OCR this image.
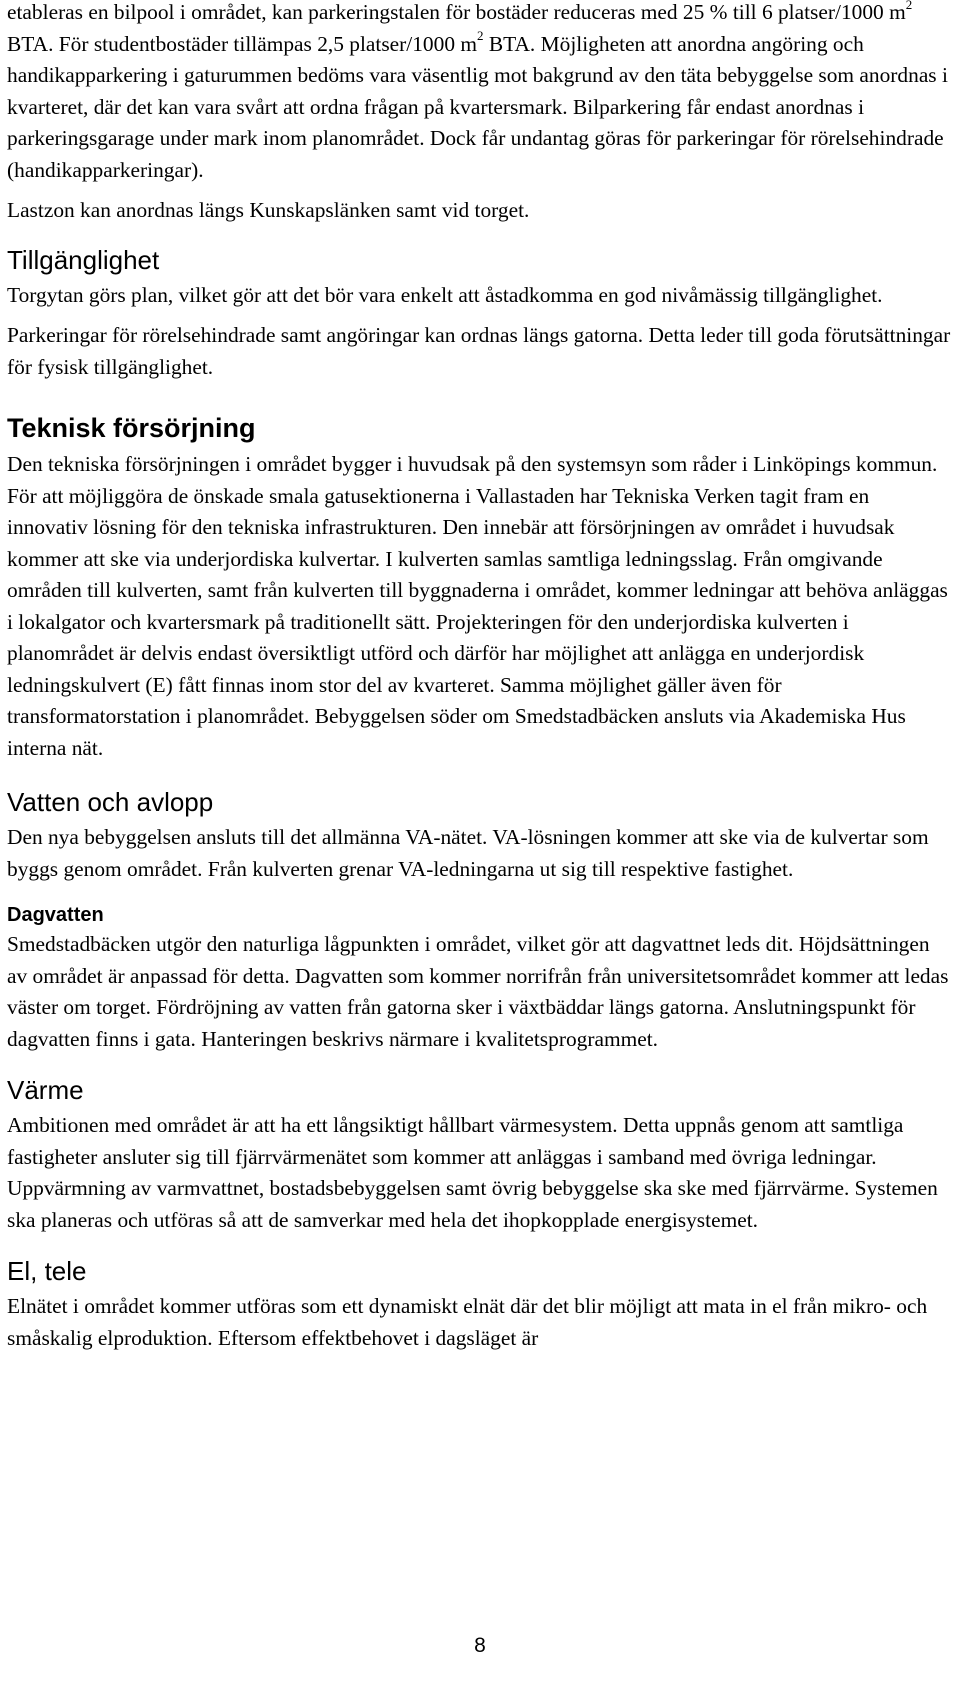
etableras en bilpool i området, kan parkeringstalen för bostäder reduceras med 25 % till 6 platser/1000 $m^2$ BTA. För studentbostäder tillämpas 2,5 platser/1000 $m^2$ BTA. Möjligheten att anordna angöring och handikapparkering i gaturummen bedöms vara väsentlig mot bakgrund av den täta bebyggelse som anordnas i kvarteret, där det kan vara svårt att ordna frågan på kvartersmark. Bilparkering får endast anordnas i parkeringsgarage under mark inom planområdet. Dock får undantag göras för parkeringar för rörelsehindrade (handikapparkeringar).

Lastzon kan anordnas längs Kunskapslänken samt vid torget.

Tillgänglighet

Torgytan görs plan, vilket gör att det bör vara enkelt att åstadkomma en god nivåmässig tillgänglighet.

Parkeringar för rörelsehindrade samt angöringar kan ordnas längs gatorna. Detta leder till goda förutsättningar för fysisk tillgänglighet.

Teknisk försörjning

Den tekniska försörjningen i området bygger i huvudsak på den systemsyn som råder i Linköpings kommun. För att möjliggöra de önskade smala gatusektionerna i Vallastaden har Tekniska Verken tagit fram en innovativ lösning för den tekniska infrastrukturen. Den innebär att försörjningen av området i huvudsak kommer att ske via underjordiska kulvertar. I kulverten samlas samtliga ledningsslag. Från omgivande områden till kulverten, samt från kulverten till byggnaderna i området, kommer ledningar att behöva anläggas i lokalgator och kvartersmark på traditionellt sätt. Projekteringen för den underjordiska kulverten i planområdet är delvis endast översiktligt utförd och därför har möjlighet att anlägga en underjordisk ledningskulvert (E) fått finnas inom stor del av kvarteret. Samma möjlighet gäller även för transformatorstation i planområdet. Bebyggelsen söder om Smedstadbäcken ansluts via Akademiska Hus interna nät.

Vatten och avlopp

Den nya bebyggelsen ansluts till det allmänna VA-nätet. VA-lösningen kommer att ske via de kulvertar som byggs genom området. Från kulverten grenar VA-ledningarna ut sig till respektive fastighet.

Dagvatten

Smedstadbäcken utgör den naturliga lågpunkten i området, vilket gör att dagvattnet leds dit. Höjdsättningen av området är anpassad för detta. Dagvatten som kommer norrifrån från universitetsområdet kommer att ledas väster om torget. Fördröjning av vatten från gatorna sker i växtbäddar längs gatorna. Anslutningspunkt för dagvatten finns i gata. Hanteringen beskrivs närmare i kvalitetsprogrammet.

Värme

Ambitionen med området är att ha ett långsiktigt hållbart värmesystem. Detta uppnås genom att samtliga fastigheter ansluter sig till fjärrvärmenätet som kommer att anläggas i samband med övriga ledningar. Uppvärmning av varmvattnet, bostadsbebyggelsen samt övrig bebyggelse ska ske med fjärrvärme. Systemen ska planeras och utföras så att de samverkar med hela det ihopkopplade energisystemet.

El, tele

Elnätet i området kommer utföras som ett dynamiskt elnät där det blir möjligt att mata in el från mikro- och småskalig elproduktion. Eftersom effektbehovet i dagsläget är

8
